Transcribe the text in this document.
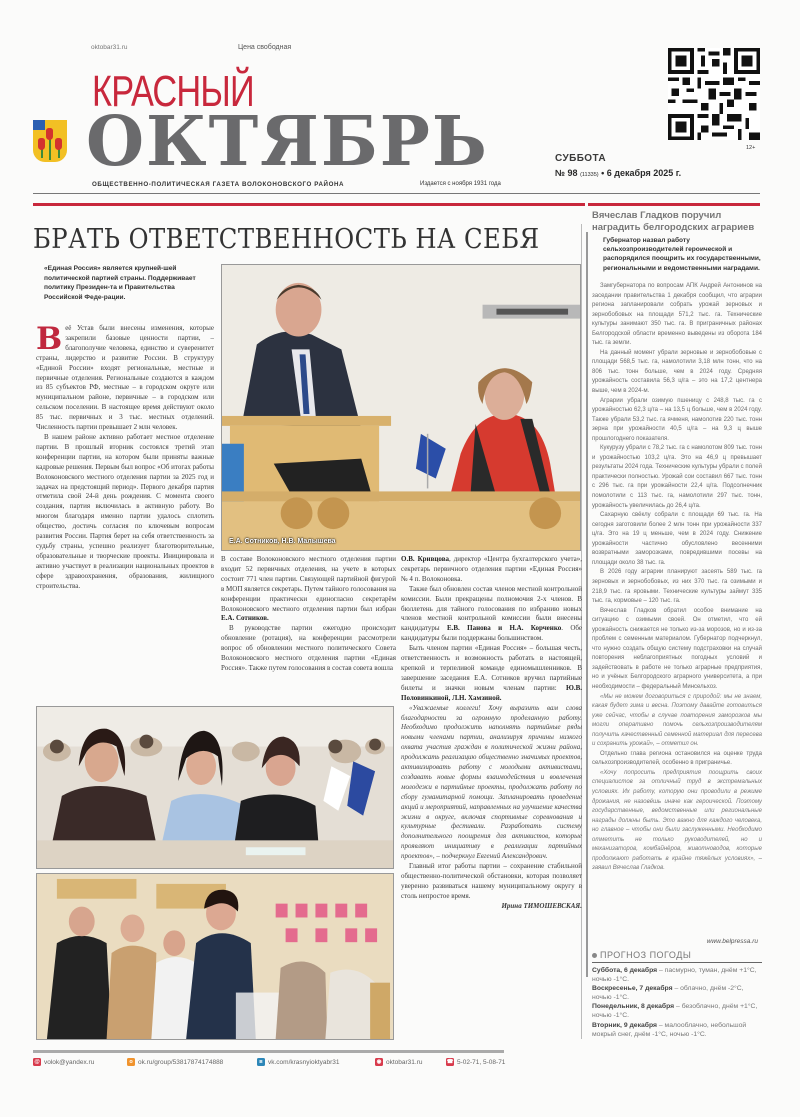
oktobar31.ru	Цена свободная
КРАСНЫЙ
ОКТЯБРЬ
ОБЩЕСТВЕННО-ПОЛИТИЧЕСКАЯ ГАЗЕТА ВОЛОКОНОВСКОГО РАЙОНА	Издается с ноября 1931 года
12+
СУББОТА
№ 98 (11335) • 6 декабря 2025 г.
БРАТЬ ОТВЕТСТВЕННОСТЬ НА СЕБЯ
«Единая Россия» является крупней-шей политической партией страны. Поддерживает политику Президен-та и Правительства Российской Феде-рации.
В её Устав были внесены изменения, которые закрепили базовые ценности партии, – благополучие человека, единство и суверенитет страны, лидерство и развитие России. В структуру «Единой России» входят региональные, местные и первичные отделения. Региональные создаются в каждом из 85 субъектов РФ, местные – в городском округе или муниципальном районе, первичные – в городском или сельском поселении. В настоящее время действуют около 85 тыс. первичных и 3 тыс. местных отделений. Численность партии превышает 2 млн человек.

В нашем районе активно работает местное отделение партии. В прошлый вторник состоялся третий этап конференции партии, на котором были приняты важные кадровые решения. Первым был вопрос «Об итогах работы Волоконовского местного отделения партии за 2025 год и задачах на предстоящий период». Первого декабря партия отметила свой 24-й день рождения. С момента своего создания, партия включилась в активную работу. Во многом благодаря именно партии удалось сплотить общество, достичь согласия по ключевым вопросам развития России. Партия берет на себя ответственность за судьбу страны, успешно реализует благотворительные, образовательные и творческие проекты. Инициировала и активно участвует в реализации национальных проектов в сфере здравоохранения, образования, жилищного строительства.

Е.А. Сотников, Н.В. Малышева

В составе Волоконовского местного отделения партии входит 52 первичных отделения, на учете в которых состоит 771 член партии. Связующей партийной фигурой в МОП является секретарь. Путем тайного голосования на конференции практически единогласно секретарём Волоконовского местного отделения партии был избран Е.А. Сотников.

В руководстве партии ежегодно происходит обновление (ротация), на конференции рассмотрели вопрос об обновлении местного политического Совета Волоконовского местного отделения партии «Единая Россия». Также путем голосования в состав совета вошла

О.В. Кривцова, директор «Центра бухгалтерского учета», секретарь первичного отделения партии «Единая Россия» № 4 п. Волоконовка.

Также был обновлен состав членов местной контрольной комиссии. Были прекращены полномочия 2-х членов. В бюллетень для тайного голосования по избранию новых членов местной контрольной комиссии были внесены кандидатуры Е.В. Панова и Н.А. Корченко. Обе кандидатуры были поддержаны большинством.

Быть членом партии «Единая Россия» – большая честь, ответственность и возможность работать в настоящей, крепкой и терпеливой команде единомышленников. В завершение заседания Е.А. Сотников вручил партийные билеты и значки новым членам партии: Ю.В. Половинкиной, Л.Н. Хамзиной.

«Уважаемые коллеги! Хочу выразить вам слова благодарности за огромную проделанную работу. Необходимо продолжить наполнять партийные ряды новыми членами партии, анализируя причины низкого охвата участия граждан в политической жизни района, продолжать реализацию общественно значимых проектов, активизировать работу с молодыми активистами, создавать новые формы взаимодействия и вовлечения молодежи в партийные проекты, продолжать работу по сбору гуманитарной помощи. Запланировать проведение акций и мероприятий, направленных на улучшение качества жизни в округе, включая спортивные соревнования и культурные фестивали. Разработать систему дополнительного поощрения для активистов, которые проявляют инициативу в реализации партийных проектов», – подчеркнул Евгений Александрович.

Главный итог работы партии – сохранение стабильной общественно-политической обстановки, которая позволяет уверенно развиваться нашему муниципальному округу в столь непростое время.

Ирина ТИМОШЕВСКАЯ.

Вячеслав Гладков поручил наградить белгородских аграриев
Губернатор назвал работу сельхозпроизводителей героической и распорядился поощрить их государственными, региональными и ведомственными наградами.

Замгубернатора по вопросам АПК Андрей Антонинов на заседании правительства 1 декабря сообщил, что аграрии региона запланировали собрать урожай зерновых и зернобобовых на площади 571,2 тыс. га. Технические культуры занимают 350 тыс. га. В приграничных районах Белгородской области временно выведены из оборота 184 тыс. га земли.

На данный момент убрали зерновые и зернобобовые с площади 568,5 тыс. га, намолотили 3,18 млн тонн, что на 806 тыс. тонн больше, чем в 2024 году. Средняя урожайность составила 56,3 ц/га – это на 17,2 центнера выше, чем в 2024-м.

Аграрии убрали озимую пшеницу с 248,8 тыс. га с урожайностью 62,3 ц/га – на 13,5 ц больше, чем в 2024 году. Также убрали 53,2 тыс. га ячменя, намолотив 220 тыс. тонн зерна при урожайности 40,5 ц/га – на 9,3 ц выше прошлогоднего показателя.

Кукурузу убрали с 78,2 тыс. га с намолотом 809 тыс. тонн и урожайностью 103,2 ц/га. Это на 46,9 ц превышает результаты 2024 года. Технические культуры убрали с полей практически полностью. Урожай сои составил 667 тыс. тонн с 296 тыс. га при урожайности 22,4 ц/га. Подсолнечник помолотили с 113 тыс. га, намолотили 297 тыс. тонн, урожайность увеличилась до 26,4 ц/га.

Сахарную свёклу собрали с площади 69 тыс. га. На сегодня заготовили более 2 млн тонн при урожайности 337 ц/га. Это на 19 ц меньше, чем в 2024 году. Снижение урожайности частично обусловлено весенними возвратными заморозками, повредившими посевы на площади около 38 тыс. га.

В 2026 году аграрии планируют засеять 589 тыс. га зерновых и зернобобовых, из них 370 тыс. га озимыми и 218,9 тыс. га яровыми. Технические культуры займут 335 тыс. га, кормовые – 120 тыс. га.

Вячеслав Гладков обратил особое внимание на ситуацию с озимыми своей. Он отметил, что ей урожайность снижается не только из-за морозов, но и из-за проблем с семенным материалом. Губернатор подчеркнул, что нужно создать общую систему подстраховки на случай повторения неблагоприятных погодных условий и задействовать в работе не только аграрные предприятия, но и учёных Белгородского аграрного университета, а при необходимости – федеральный Минсельхоз.

«Мы не можем договориться с природой: мы не знаем, какая будет зима и весна. Поэтому давайте готовиться уже сейчас, чтобы в случае повторения заморозков мы могли оперативно помочь сельхозпроизводителям получить качественный семенной материал для пересева и сохранить урожай», – отметил он.

Отдельно глава региона остановился на оценке труда сельхозпроизводителей, особенно в приграничье.

«Хочу попросить предприятия поощрить своих специалистов за отличный труд в экстремальных условиях. Их работу, которую они проводили в режиме дрожания, не назовёшь иначе как героической. Поэтому государственные, ведомственные или региональные награды должны быть. Это важно для каждого человека, но главное – чтобы они были заслуженными. Необходимо отметить не только руководителей, но и механизаторов, комбайнёров, животноводов, которые продолжают работать в крайне тяжёлых условиях», – заявил Вячеслав Гладков.

www.belpressa.ru
ПРОГНОЗ ПОГОДЫ
Суббота, 6 декабря – пасмурно, туман, днём +1°С, ночью -1°С.
Воскресенье, 7 декабря – облачно, днём -2°С, ночью -1°С.
Понедельник, 8 декабря – безоблачно, днём +1°С, ночью -1°С.
Вторник, 9 декабря – малооблачно, небольшой мокрый снег, днём -1°С, ночью -1°С.
@ volok@yandex.ru	о ok.ru/group/53817874174888	в vk.com/krasnyioktyabr31	◉ oktobar31.ru	☎ 5-02-71, 5-08-71
